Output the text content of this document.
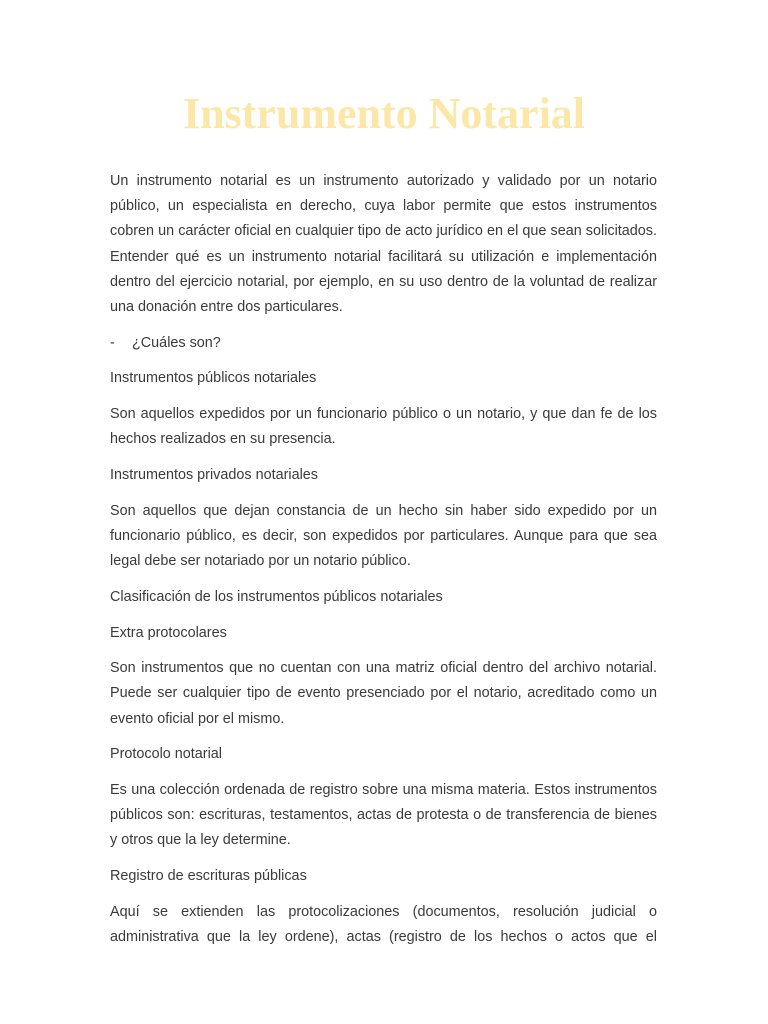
Instrumento Notarial

Un instrumento notarial es un instrumento autorizado y validado por un notario público, un especialista en derecho, cuya labor permite que estos instrumentos cobren un carácter oficial en cualquier tipo de acto jurídico en el que sean solicitados. Entender qué es un instrumento notarial facilitará su utilización e implementación dentro del ejercicio notarial, por ejemplo, en su uso dentro de la voluntad de realizar una donación entre dos particulares.

-	¿Cuáles son?

Instrumentos públicos notariales

Son aquellos expedidos por un funcionario público o un notario, y que dan fe de los hechos realizados en su presencia.

Instrumentos privados notariales

Son aquellos que dejan constancia de un hecho sin haber sido expedido por un funcionario público, es decir, son expedidos por particulares. Aunque para que sea legal debe ser notariado por un notario público.

Clasificación de los instrumentos públicos notariales

Extra protocolares

Son instrumentos que no cuentan con una matriz oficial dentro del archivo notarial. Puede ser cualquier tipo de evento presenciado por el notario, acreditado como un evento oficial por el mismo.

Protocolo notarial

Es una colección ordenada de registro sobre una misma materia. Estos instrumentos públicos son: escrituras, testamentos, actas de protesta o de transferencia de bienes y otros que la ley determine.

Registro de escrituras públicas

Aquí se extienden las protocolizaciones (documentos, resolución judicial o administrativa que la ley ordene), actas (registro de los hechos o actos que el
